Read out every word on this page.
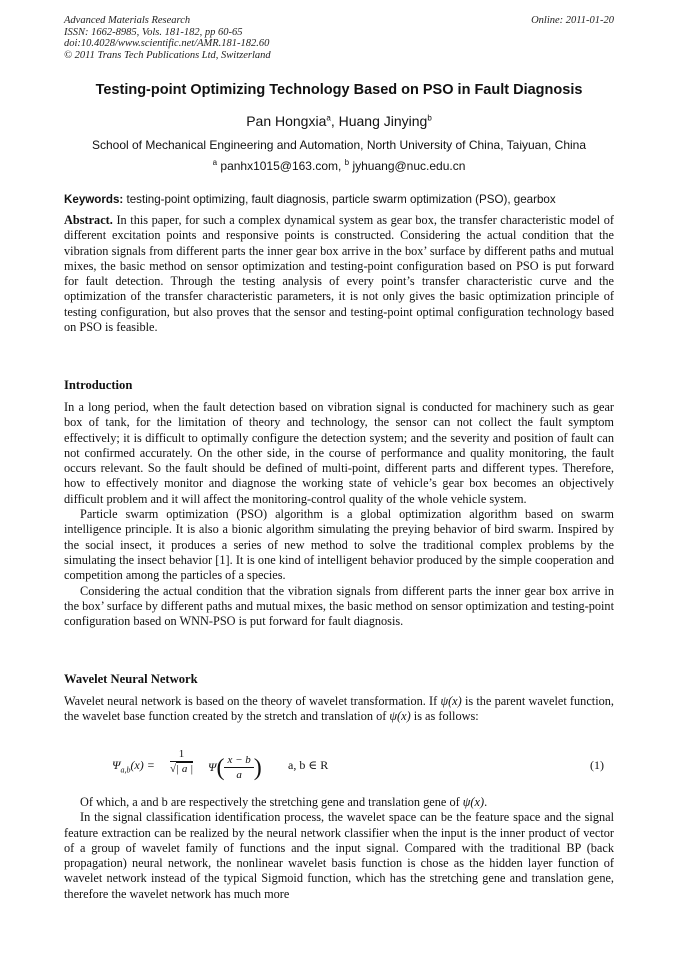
Advanced Materials Research
ISSN: 1662-8985, Vols. 181-182, pp 60-65
doi:10.4028/www.scientific.net/AMR.181-182.60
© 2011 Trans Tech Publications Ltd, Switzerland
Online: 2011-01-20
Testing-point Optimizing Technology Based on PSO in Fault Diagnosis
Pan Hongxia$^a$, Huang Jinying$^b$
School of Mechanical Engineering and Automation, North University of China, Taiyuan, China
$^a$ panhx1015@163.com, $^b$ jyhuang@nuc.edu.cn
Keywords: testing-point optimizing, fault diagnosis, particle swarm optimization (PSO), gearbox

Abstract. In this paper, for such a complex dynamical system as gear box, the transfer characteristic model of different excitation points and responsive points is constructed. Considering the actual condition that the vibration signals from different parts the inner gear box arrive in the box’ surface by different paths and mutual mixes, the basic method on sensor optimization and testing-point configuration based on PSO is put forward for fault detection. Through the testing analysis of every point’s transfer characteristic curve and the optimization of the transfer characteristic parameters, it is not only gives the basic optimization principle of testing configuration, but also proves that the sensor and testing-point optimal configuration technology based on PSO is feasible.

Introduction

In a long period, when the fault detection based on vibration signal is conducted for machinery such as gear box of tank, for the limitation of theory and technology, the sensor can not collect the fault symptom effectively; it is difficult to optimally configure the detection system; and the severity and position of fault can not confirmed accurately. On the other side, in the course of performance and quality monitoring, the fault occurs relevant. So the fault should be defined of multi-point, different parts and different types. Therefore, how to effectively monitor and diagnose the working state of vehicle’s gear box becomes an objectively difficult problem and it will affect the monitoring-control quality of the whole vehicle system.

Particle swarm optimization (PSO) algorithm is a global optimization algorithm based on swarm intelligence principle. It is also a bionic algorithm simulating the preying behavior of bird swarm. Inspired by the social insect, it produces a series of new method to solve the traditional complex problems by the simulating the insect behavior [1]. It is one kind of intelligent behavior produced by the simple cooperation and competition among the particles of a species.

Considering the actual condition that the vibration signals from different parts the inner gear box arrive in the box’ surface by different paths and mutual mixes, the basic method on sensor optimization and testing-point configuration based on WNN-PSO is put forward for fault diagnosis.

Wavelet Neural Network

Wavelet neural network is based on the theory of wavelet transformation. If ψ(x) is the parent wavelet function, the wavelet base function created by the stretch and translation of ψ(x) is as follows:

$\Psi_{a,b}(x) = \frac{1}{√| a |} \Psi( \frac{x - b}{a}$ ) a, b ∈ R	(1)

Of which, a and b are respectively the stretching gene and translation gene of ψ(x).

In the signal classification identification process, the wavelet space can be the feature space and the signal feature extraction can be realized by the neural network classifier when the input is the inner product of vector of a group of wavelet family of functions and the input signal. Compared with the traditional BP (back propagation) neural network, the nonlinear wavelet basis function is chose as the hidden layer function of wavelet network instead of the typical Sigmoid function, which has the stretching gene and translation gene, therefore the wavelet network has much more
